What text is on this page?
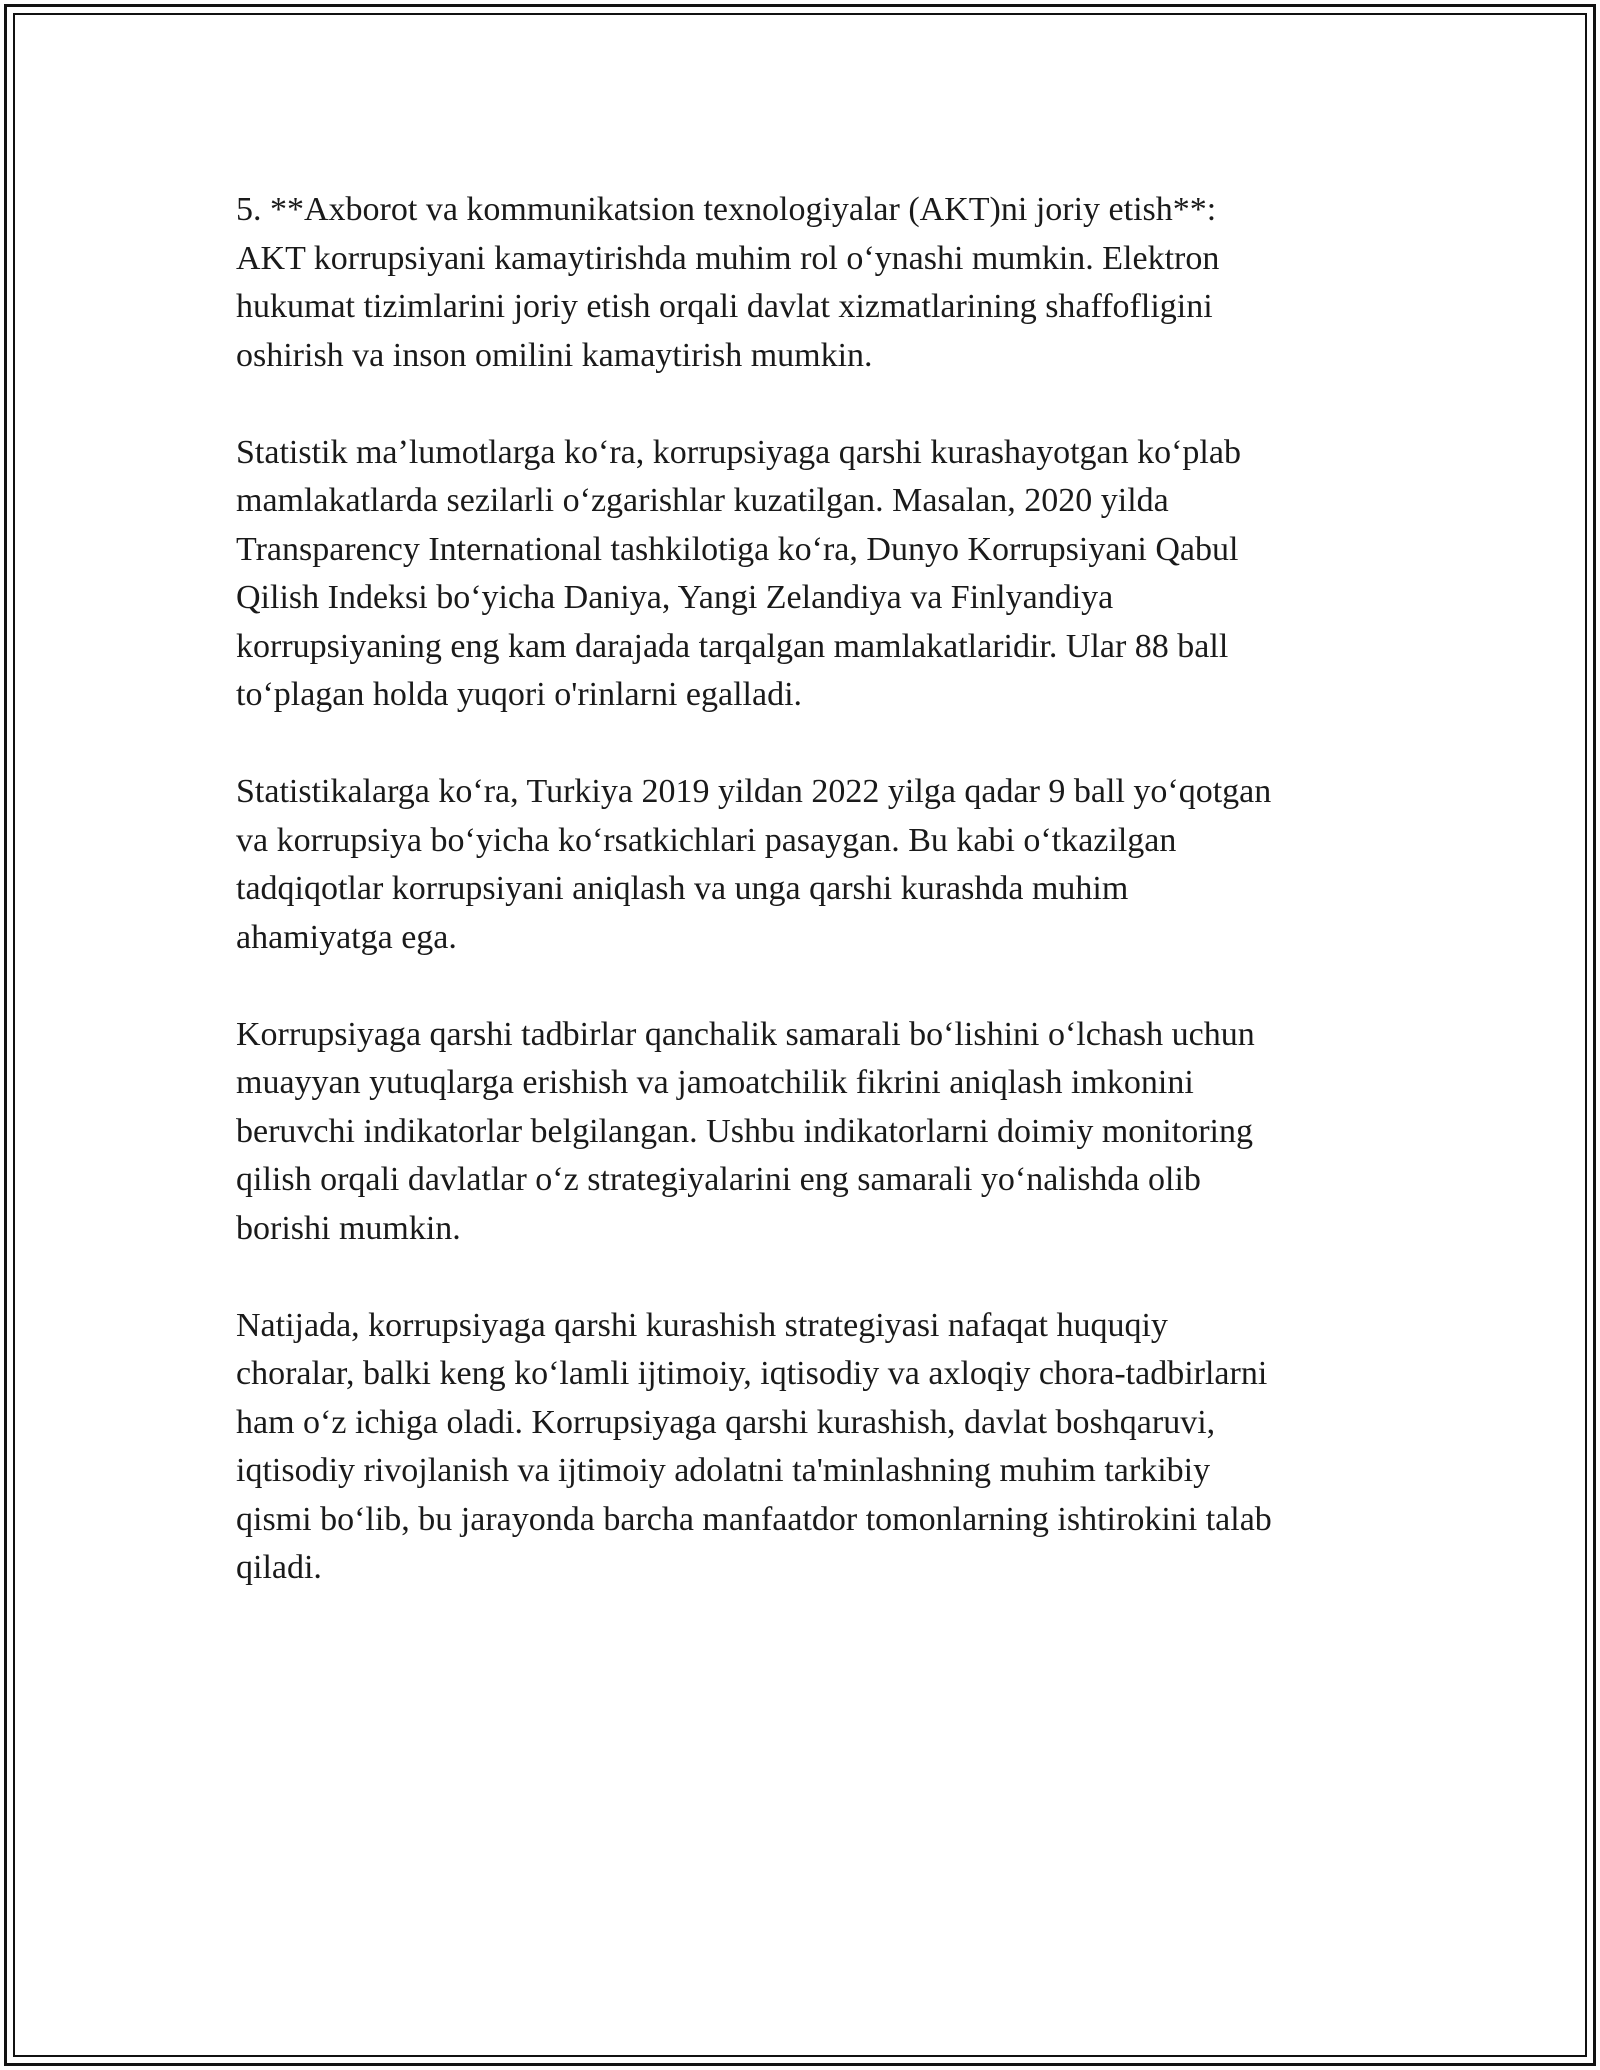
5. **Axborot va kommunikatsion texnologiyalar (AKT)ni joriy etish**:
AKT korrupsiyani kamaytirishda muhim rol oʻynashi mumkin. Elektron
hukumat tizimlarini joriy etish orqali davlat xizmatlarining shaffofligini
oshirish va inson omilini kamaytirish mumkin.

Statistik maʼlumotlarga koʻra, korrupsiyaga qarshi kurashayotgan koʻplab
mamlakatlarda sezilarli oʻzgarishlar kuzatilgan. Masalan, 2020 yilda
Transparency International tashkilotiga koʻra, Dunyo Korrupsiyani Qabul
Qilish Indeksi boʻyicha Daniya, Yangi Zelandiya va Finlyandiya
korrupsiyaning eng kam darajada tarqalgan mamlakatlaridir. Ular 88 ball
toʻplagan holda yuqori o'rinlarni egalladi.

Statistikalarga koʻra, Turkiya 2019 yildan 2022 yilga qadar 9 ball yoʻqotgan
va korrupsiya boʻyicha koʻrsatkichlari pasaygan. Bu kabi oʻtkazilgan
tadqiqotlar korrupsiyani aniqlash va unga qarshi kurashda muhim
ahamiyatga ega.

Korrupsiyaga qarshi tadbirlar qanchalik samarali boʻlishini oʻlchash uchun
muayyan yutuqlarga erishish va jamoatchilik fikrini aniqlash imkonini
beruvchi indikatorlar belgilangan. Ushbu indikatorlarni doimiy monitoring
qilish orqali davlatlar oʻz strategiyalarini eng samarali yoʻnalishda olib
borishi mumkin.

Natijada, korrupsiyaga qarshi kurashish strategiyasi nafaqat huquqiy
choralar, balki keng koʻlamli ijtimoiy, iqtisodiy va axloqiy chora-tadbirlarni
ham oʻz ichiga oladi. Korrupsiyaga qarshi kurashish, davlat boshqaruvi,
iqtisodiy rivojlanish va ijtimoiy adolatni ta'minlashning muhim tarkibiy
qismi boʻlib, bu jarayonda barcha manfaatdor tomonlarning ishtirokini talab
qiladi.
